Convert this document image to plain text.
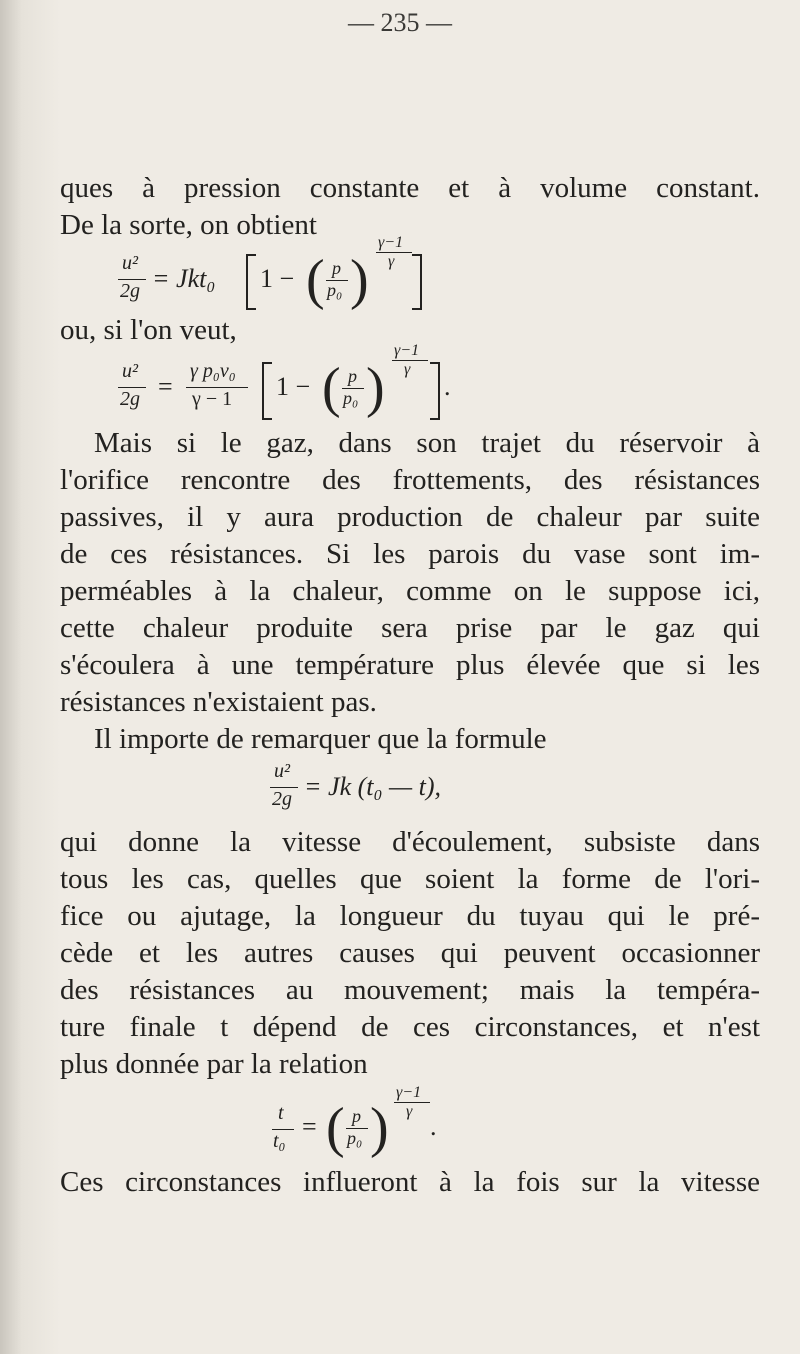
— 235 —
ques à pression constante et à volume constant.
De la sorte, on obtient
u²
2g = Jkt₀ 1 − ( p
p₀ )
γ−1
γ
ou, si l'on veut,
u²
2g =
γ p₀v₀
γ − 1 1 − ( p
p₀ )
γ−1
γ
.
Mais si le gaz, dans son trajet du réservoir à
l'orifice rencontre des frottements, des résistances
passives, il y aura production de chaleur par suite
de ces résistances. Si les parois du vase sont im-
perméables à la chaleur, comme on le suppose ici,
cette chaleur produite sera prise par le gaz qui
s'écoulera à une température plus élevée que si les
résistances n'existaient pas.
Il importe de remarquer que la formule
u²
2g = Jk (t₀ — t),
qui donne la vitesse d'écoulement, subsiste dans
tous les cas, quelles que soient la forme de l'ori-
fice ou ajutage, la longueur du tuyau qui le pré-
cède et les autres causes qui peuvent occasionner
des résistances au mouvement; mais la tempéra-
ture finale t dépend de ces circonstances, et n'est
plus donnée par la relation
t
t₀ = ( p
p₀ )
γ−1
γ
.
Ces circonstances influeront à la fois sur la vitesse
